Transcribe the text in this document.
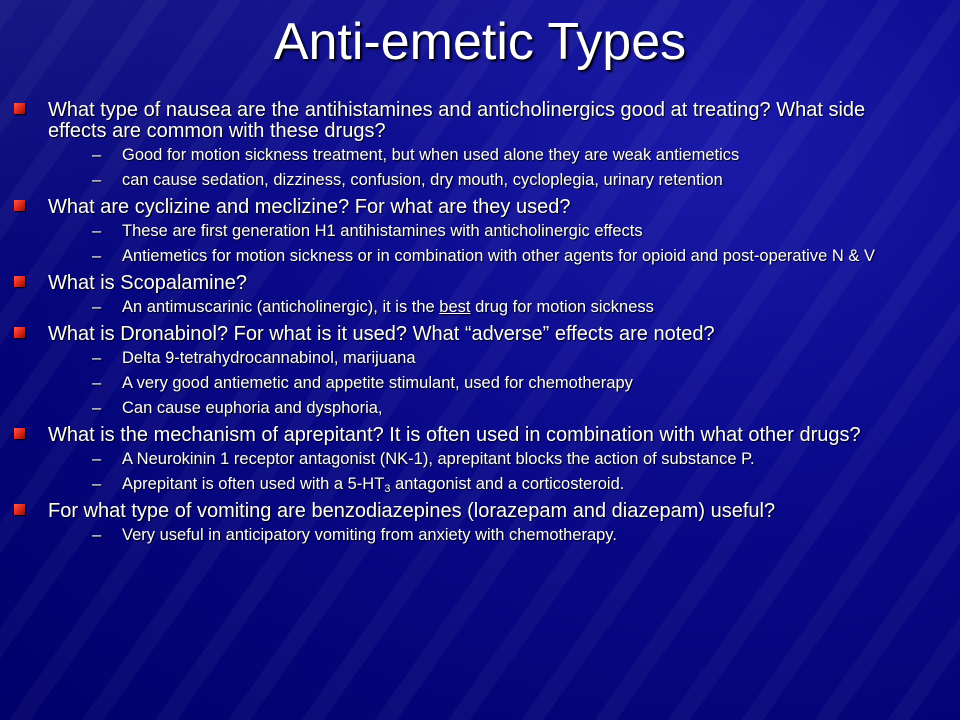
Anti-emetic Types
What type of nausea are the antihistamines and anticholinergics good at treating? What side effects are common with these drugs?
– Good for motion sickness treatment, but when used alone they are weak antiemetics
– can cause sedation, dizziness, confusion, dry mouth, cycloplegia, urinary retention
What are cyclizine and meclizine? For what are they used?
– These are first generation H1 antihistamines with anticholinergic effects
– Antiemetics for motion sickness or in combination with other agents for opioid and post-operative N & V
What is Scopalamine?
– An antimuscarinic (anticholinergic), it is the best drug for motion sickness
What is Dronabinol? For what is it used? What “adverse” effects are noted?
– Delta 9-tetrahydrocannabinol, marijuana
– A very good antiemetic and appetite stimulant, used for chemotherapy
– Can cause euphoria and dysphoria,
What is the mechanism of aprepitant? It is often used in combination with what other drugs?
– A Neurokinin 1 receptor antagonist (NK-1), aprepitant blocks the action of substance P.
– Aprepitant is often used with a $5-HT_3$ antagonist and a corticosteroid.
For what type of vomiting are benzodiazepines (lorazepam and diazepam) useful?
– Very useful in anticipatory vomiting from anxiety with chemotherapy.
